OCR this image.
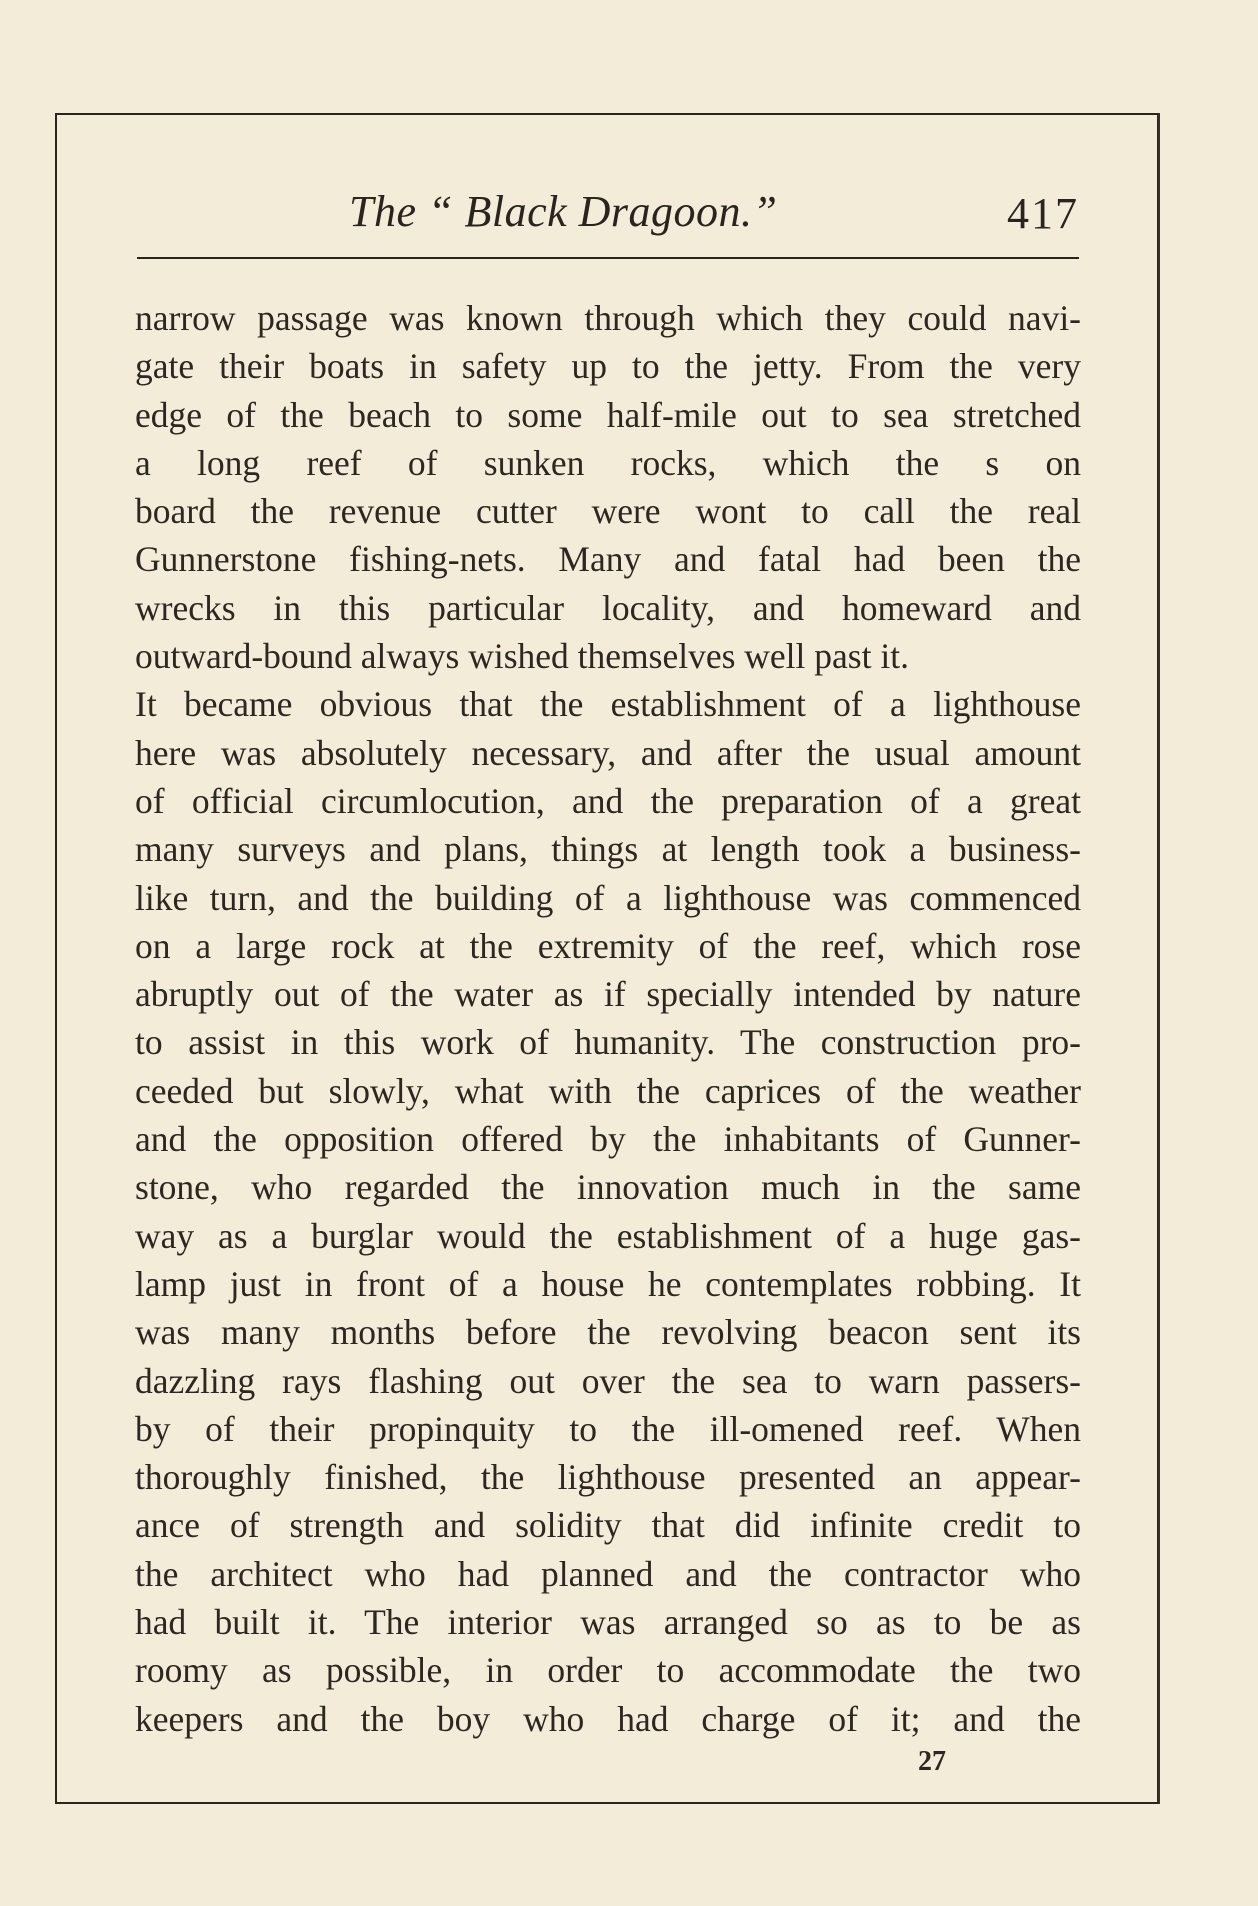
The “ Black Dragoon.”	417
narrow passage was known through which they could navi-
gate their boats in safety up to the jetty. From the very
edge of the beach to some half-mile out to sea stretched
a long reef of sunken rocks, which the s on
board the revenue cutter were wont to call the real
Gunnerstone fishing-nets. Many and fatal had been the
wrecks in this particular locality, and homeward and
outward-bound always wished themselves well past it.
It became obvious that the establishment of a lighthouse
here was absolutely necessary, and after the usual amount
of official circumlocution, and the preparation of a great
many surveys and plans, things at length took a business-
like turn, and the building of a lighthouse was commenced
on a large rock at the extremity of the reef, which rose
abruptly out of the water as if specially intended by nature
to assist in this work of humanity. The construction pro-
ceeded but slowly, what with the caprices of the weather
and the opposition offered by the inhabitants of Gunner-
stone, who regarded the innovation much in the same
way as a burglar would the establishment of a huge gas-
lamp just in front of a house he contemplates robbing. It
was many months before the revolving beacon sent its
dazzling rays flashing out over the sea to warn passers-
by of their propinquity to the ill-omened reef. When
thoroughly finished, the lighthouse presented an appear-
ance of strength and solidity that did infinite credit to
the architect who had planned and the contractor who
had built it. The interior was arranged so as to be as
roomy as possible, in order to accommodate the two
keepers and the boy who had charge of it; and the
27
